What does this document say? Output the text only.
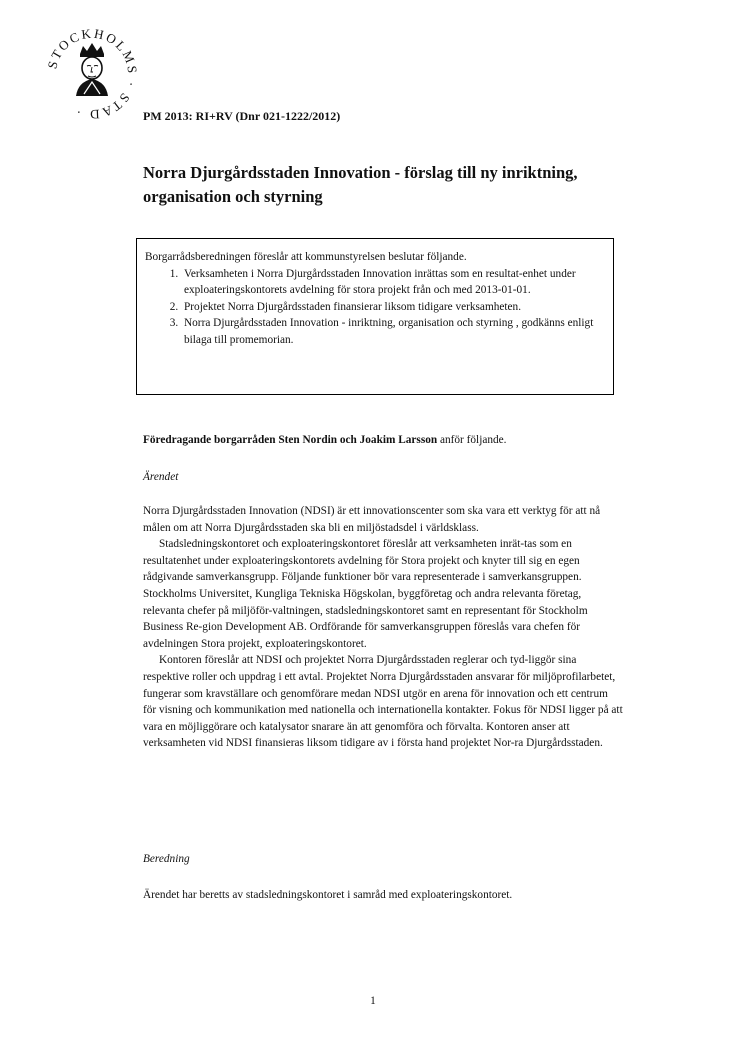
STOCKHOLMS · STAD ·	PM 2013: RI+RV (Dnr 021-1222/2012)
Norra Djurgårdsstaden Innovation - förslag till ny inriktning, organisation och styrning
Borgarrådsberedningen föreslår att kommunstyrelsen beslutar följande.
1. Verksamheten i Norra Djurgårdsstaden Innovation inrättas som en resultat-enhet under exploateringskontorets avdelning för stora projekt från och med 2013-01-01.
2. Projektet Norra Djurgårdsstaden finansierar liksom tidigare verksamheten.
3. Norra Djurgårdsstaden Innovation - inriktning, organisation och styrning , godkänns enligt bilaga till promemorian.
Föredragande borgarråden Sten Nordin och Joakim Larsson anför följande.
Ärendet

Norra Djurgårdsstaden Innovation (NDSI) är ett innovationscenter som ska vara ett verktyg för att nå målen om att Norra Djurgårdsstaden ska bli en miljöstadsdel i världsklass.

Stadsledningskontoret och exploateringskontoret föreslår att verksamheten inrät-tas som en resultatenhet under exploateringskontorets avdelning för Stora projekt och knyter till sig en egen rådgivande samverkansgrupp. Följande funktioner bör vara representerade i samverkansgruppen. Stockholms Universitet, Kungliga Tekniska Högskolan, byggföretag och andra relevanta företag, relevanta chefer på miljöför-valtningen, stadsledningskontoret samt en representant för Stockholm Business Re-gion Development AB. Ordförande för samverkansgruppen föreslås vara chefen för avdelningen Stora projekt, exploateringskontoret.

Kontoren föreslår att NDSI och projektet Norra Djurgårdsstaden reglerar och tyd-liggör sina respektive roller och uppdrag i ett avtal. Projektet Norra Djurgårdsstaden ansvarar för miljöprofilarbetet, fungerar som kravställare och genomförare medan NDSI utgör en arena för innovation och ett centrum för visning och kommunikation med nationella och internationella kontakter. Fokus för NDSI ligger på att vara en möjliggörare och katalysator snarare än att genomföra och förvalta. Kontoren anser att verksamheten vid NDSI finansieras liksom tidigare av i första hand projektet Nor-ra Djurgårdsstaden.

Beredning
Ärendet har beretts av stadsledningskontoret i samråd med exploateringskontoret.
1
